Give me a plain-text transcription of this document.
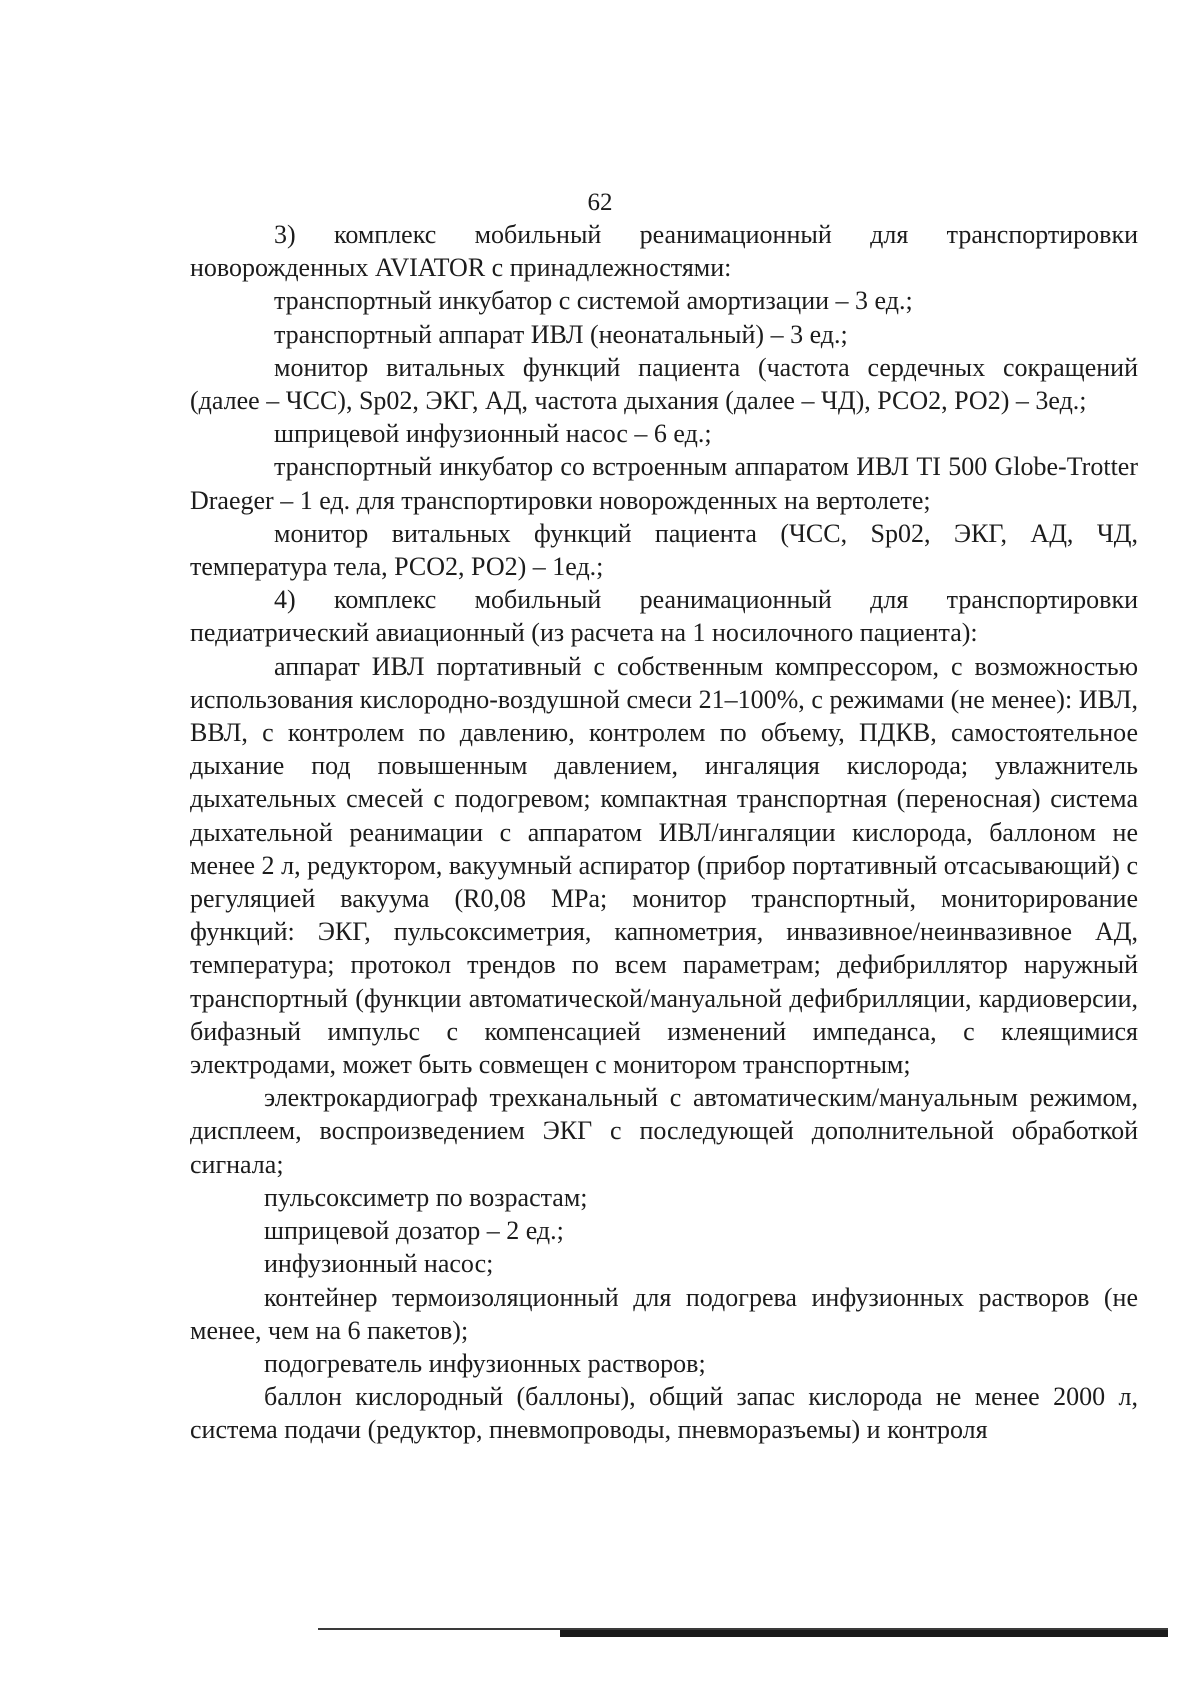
62

3) комплекс мобильный реанимационный для транспортировки новорожденных AVIATOR с принадлежностями:

транспортный инкубатор с системой амортизации – 3 ед.;

транспортный аппарат ИВЛ (неонатальный) – 3 ед.;

монитор витальных функций пациента (частота сердечных сокращений (далее – ЧСС), Sp02, ЭКГ, АД, частота дыхания (далее – ЧД), РСО2, РО2) – 3ед.;

шприцевой инфузионный насос – 6 ед.;

транспортный инкубатор со встроенным аппаратом ИВЛ TI 500 Globe-Trotter Draeger – 1 ед. для транспортировки новорожденных на вертолете;

монитор витальных функций пациента (ЧСС, Sp02, ЭКГ, АД, ЧД, температура тела, РСО2, РО2) – 1ед.;

4) комплекс мобильный реанимационный для транспортировки педиатрический авиационный (из расчета на 1 носилочного пациента):

аппарат ИВЛ портативный с собственным компрессором, с возможностью использования кислородно-воздушной смеси 21–100%, с режимами (не менее): ИВЛ, ВВЛ, с контролем по давлению, контролем по объему, ПДКВ, самостоятельное дыхание под повышенным давлением, ингаляция кислорода; увлажнитель дыхательных смесей с подогревом; компактная транспортная (переносная) система дыхательной реанимации с аппаратом ИВЛ/ингаляции кислорода, баллоном не менее 2 л, редуктором, вакуумный аспиратор (прибор портативный отсасывающий) с регуляцией вакуума (R0,08 MPa; монитор транспортный, мониторирование функций: ЭКГ, пульсоксиметрия, капнометрия, инвазивное/неинвазивное АД, температура; протокол трендов по всем параметрам; дефибриллятор наружный транспортный (функции автоматической/мануальной дефибрилляции, кардиоверсии, бифазный импульс с компенсацией изменений импеданса, с клеящимися электродами, может быть совмещен с монитором транспортным;

электрокардиограф трехканальный с автоматическим/мануальным режимом, дисплеем, воспроизведением ЭКГ с последующей дополнительной обработкой сигнала;

пульсоксиметр по возрастам;

шприцевой дозатор – 2 ед.;

инфузионный насос;

контейнер термоизоляционный для подогрева инфузионных растворов (не менее, чем на 6 пакетов);

подогреватель инфузионных растворов;

баллон кислородный (баллоны), общий запас кислорода не менее 2000 л, система подачи (редуктор, пневмопроводы, пневморазъемы) и контроля
